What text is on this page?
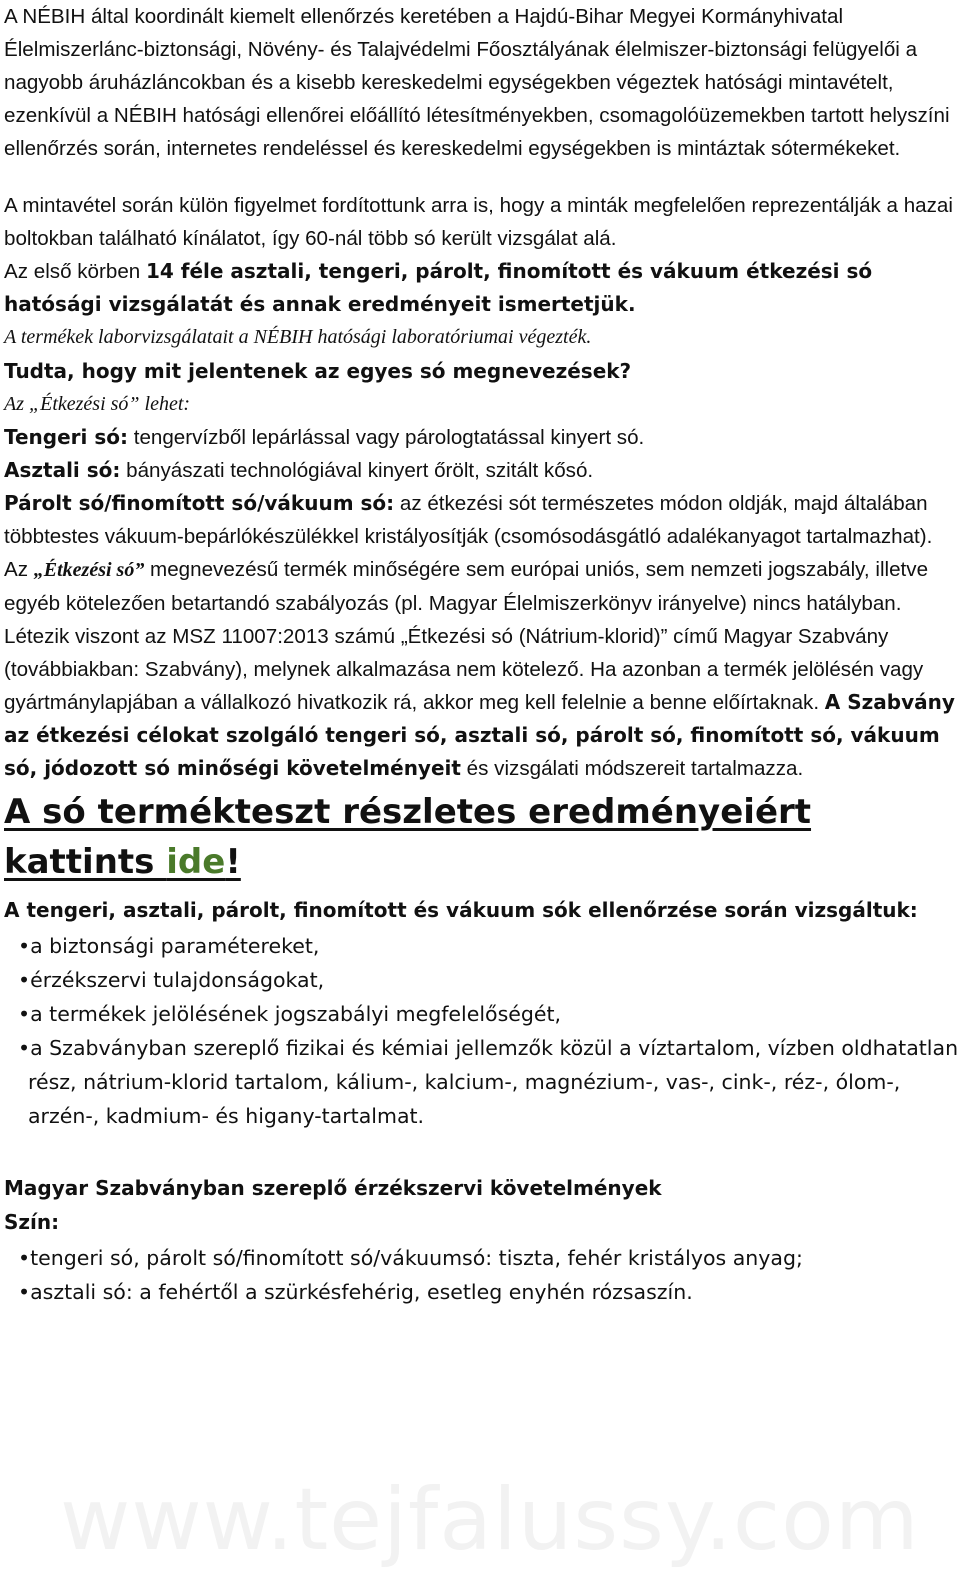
A NÉBIH által koordinált kiemelt ellenőrzés keretében a Hajdú-Bihar Megyei Kormányhivatal Élelmiszerlánc-biztonsági, Növény- és Talajvédelmi Főosztályának élelmiszer-biztonsági felügyelői a nagyobb áruházláncokban és a kisebb kereskedelmi egységekben végeztek hatósági mintavételt, ezenkívül a NÉBIH hatósági ellenőrei előállító létesítményekben, csomagolóüzemekben tartott helyszíni ellenőrzés során, internetes rendeléssel és kereskedelmi egységekben is mintáztak sótermékeket.

A mintavétel során külön figyelmet fordítottunk arra is, hogy a minták megfelelően reprezentálják a hazai boltokban található kínálatot, így 60-nál több só került vizsgálat alá.

Az első körben 14 féle asztali, tengeri, párolt, finomított és vákuum étkezési só hatósági vizsgálatát és annak eredményeit ismertetjük.

A termékek laborvizsgálatait a NÉBIH hatósági laboratóriumai végezték.

Tudta, hogy mit jelentenek az egyes só megnevezések?

Az „Étkezési só” lehet:

Tengeri só: tengervízből lepárlással vagy párologtatással kinyert só.

Asztali só: bányászati technológiával kinyert őrölt, szitált kősó.

Párolt só/finomított só/vákuum só: az étkezési sót természetes módon oldják, majd általában többtestes vákuum-bepárlókészülékkel kristályosítják (csomósodásgátló adalékanyagot tartalmazhat).

Az „Étkezési só” megnevezésű termék minőségére sem európai uniós, sem nemzeti jogszabály, illetve egyéb kötelezően betartandó szabályozás (pl. Magyar Élelmiszerkönyv irányelve) nincs hatályban. Létezik viszont az MSZ 11007:2013 számú „Étkezési só (Nátrium-klorid)” című Magyar Szabvány (továbbiakban: Szabvány), melynek alkalmazása nem kötelező. Ha azonban a termék jelölésén vagy gyártmánylapjában a vállalkozó hivatkozik rá, akkor meg kell felelnie a benne előírtaknak. A Szabvány az étkezési célokat szolgáló tengeri só, asztali só, párolt só, finomított só, vákuum só, jódozott só minőségi követelményeit és vizsgálati módszereit tartalmazza.

A só termékteszt részletes eredményeiért kattints ide!

A tengeri, asztali, párolt, finomított és vákuum sók ellenőrzése során vizsgáltuk:

• a biztonsági paramétereket,
• érzékszervi tulajdonságokat,
• a termékek jelölésének jogszabályi megfelelőségét,
• a Szabványban szereplő fizikai és kémiai jellemzők közül a víztartalom, vízben oldhatatlan rész, nátrium-klorid tartalom, kálium-, kalcium-, magnézium-, vas-, cink-, réz-, ólom-, arzén-, kadmium- és higany-tartalmat.

Magyar Szabványban szereplő érzékszervi követelmények

Szín:

• tengeri só, párolt só/finomított só/vákuumsó: tiszta, fehér kristályos anyag;
• asztali só: a fehértől a szürkésfehérig, esetleg enyhén rózsaszín.
www.tejfalussy.com
